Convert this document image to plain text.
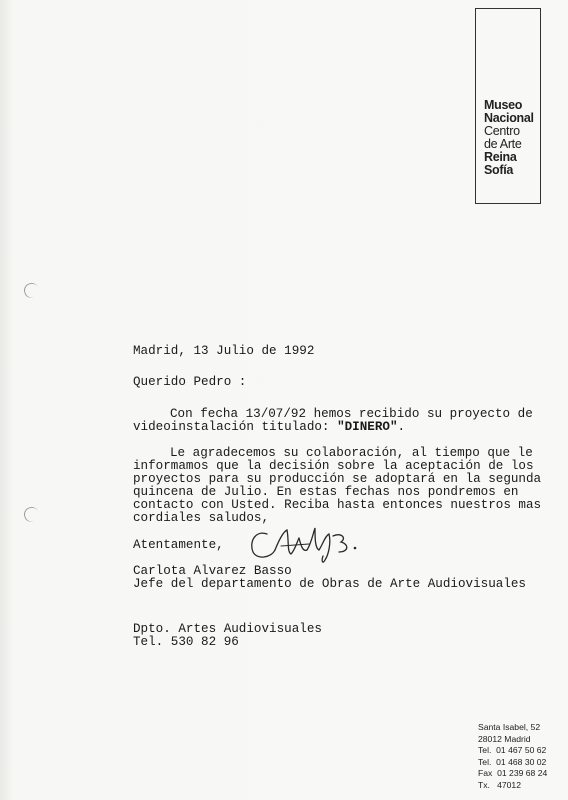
Museo
Nacional
Centro
de Arte
Reina
Sofía
Madrid, 13 Julio de 1992
Querido Pedro :
Con fecha 13/07/92 hemos recibido su proyecto de
videoinstalación titulado: "DINERO".
Le agradecemos su colaboración, al tiempo que le
informamos que la decisión sobre la aceptación de los
proyectos para su producción se adoptará en la segunda
quincena de Julio. En estas fechas nos pondremos en
contacto con Usted. Reciba hasta entonces nuestros mas
cordiales saludos,
Atentamente,
Carlota Alvarez Basso
Jefe del departamento de Obras de Arte Audiovisuales
Dpto. Artes Audiovisuales
Tel. 530 82 96
Santa Isabel, 52
28012 Madrid
Tel.  01 467 50 62
Tel.  01 468 30 02
Fax  01 239 68 24
Tx.   47012
